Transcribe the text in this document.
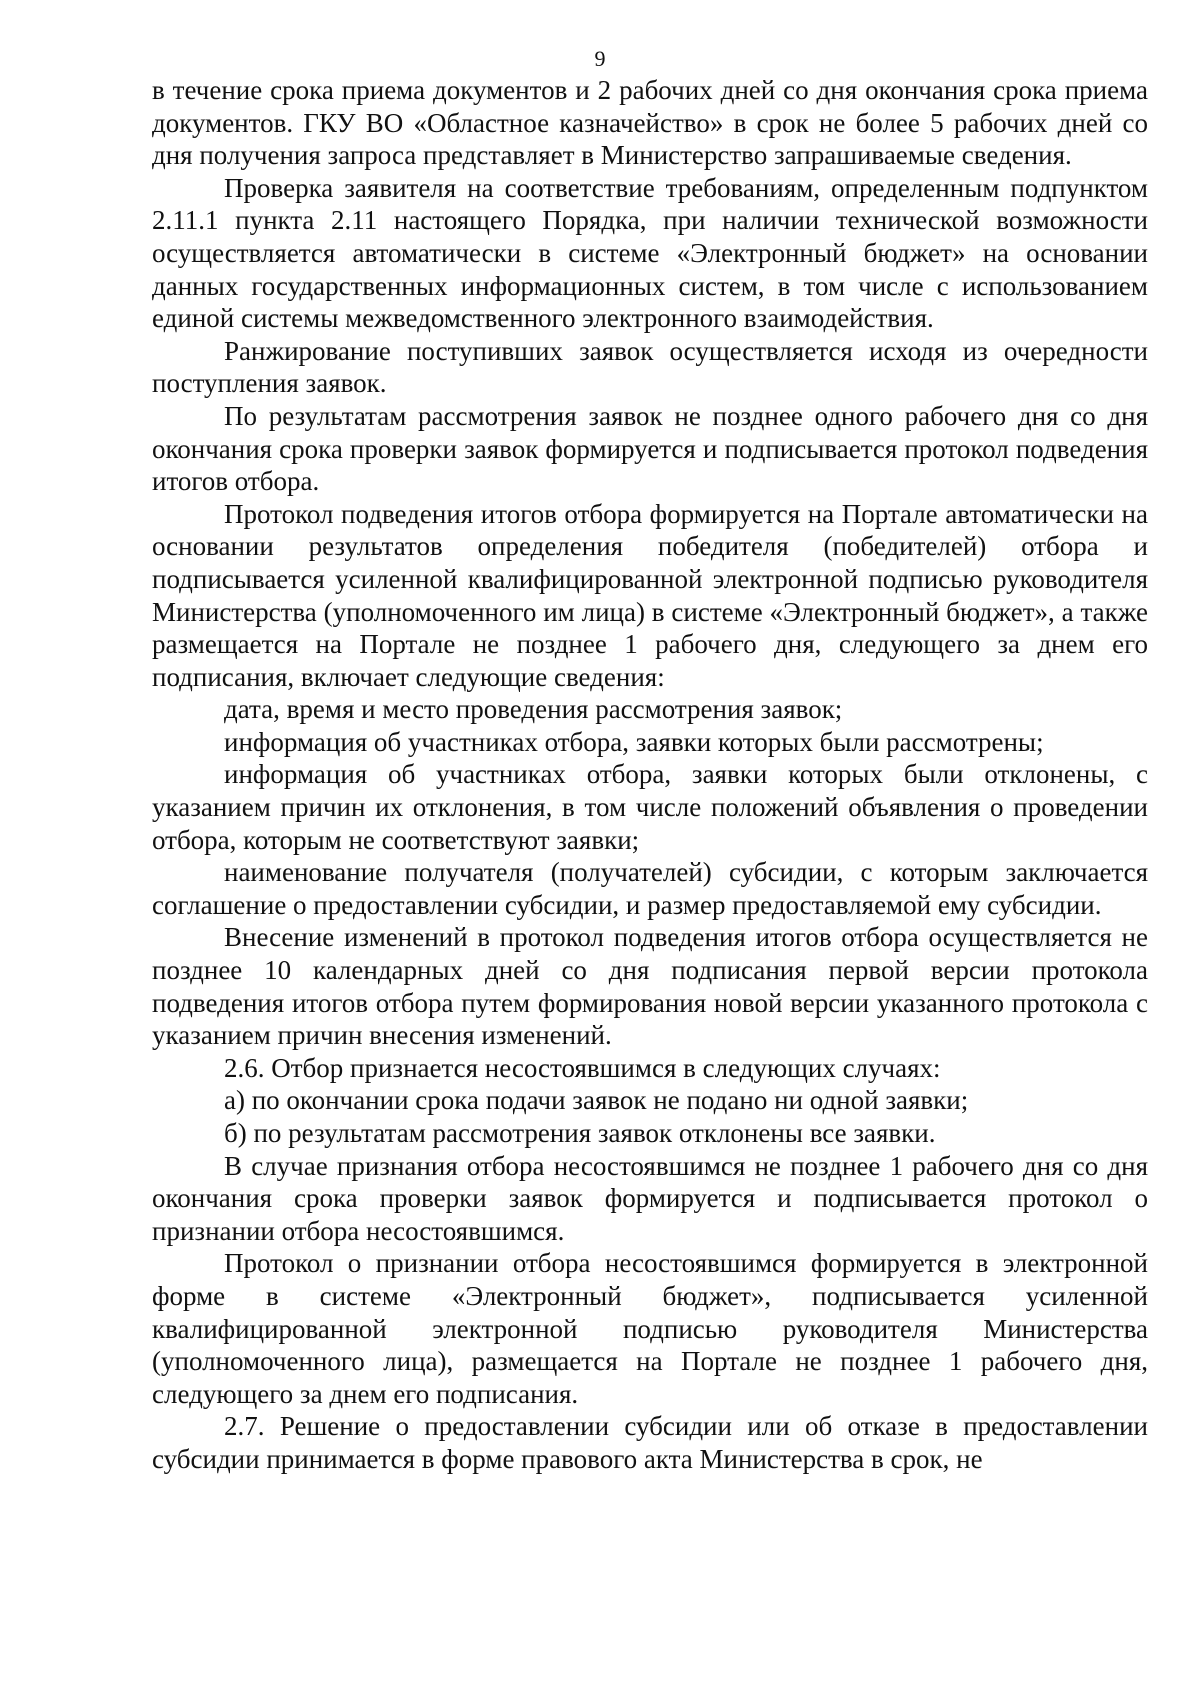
9

в течение срока приема документов и 2 рабочих дней со дня окончания срока приема документов. ГКУ ВО «Областное казначейство» в срок не более 5 рабочих дней со дня получения запроса представляет в Министерство запрашиваемые сведения.

Проверка заявителя на соответствие требованиям, определенным подпунктом 2.11.1 пункта 2.11 настоящего Порядка, при наличии технической возможности осуществляется автоматически в системе «Электронный бюджет» на основании данных государственных информационных систем, в том числе с использованием единой системы межведомственного электронного взаимодействия.

Ранжирование поступивших заявок осуществляется исходя из очередности поступления заявок.

По результатам рассмотрения заявок не позднее одного рабочего дня со дня окончания срока проверки заявок формируется и подписывается протокол подведения итогов отбора.

Протокол подведения итогов отбора формируется на Портале автоматически на основании результатов определения победителя (победителей) отбора и подписывается усиленной квалифицированной электронной подписью руководителя Министерства (уполномоченного им лица) в системе «Электронный бюджет», а также размещается на Портале не позднее 1 рабочего дня, следующего за днем его подписания, включает следующие сведения:

дата, время и место проведения рассмотрения заявок;

информация об участниках отбора, заявки которых были рассмотрены;

информация об участниках отбора, заявки которых были отклонены, с указанием причин их отклонения, в том числе положений объявления о проведении отбора, которым не соответствуют заявки;

наименование получателя (получателей) субсидии, с которым заключается соглашение о предоставлении субсидии, и размер предоставляемой ему субсидии.

Внесение изменений в протокол подведения итогов отбора осуществляется не позднее 10 календарных дней со дня подписания первой версии протокола подведения итогов отбора путем формирования новой версии указанного протокола с указанием причин внесения изменений.

2.6. Отбор признается несостоявшимся в следующих случаях:

а) по окончании срока подачи заявок не подано ни одной заявки;

б) по результатам рассмотрения заявок отклонены все заявки.

В случае признания отбора несостоявшимся не позднее 1 рабочего дня со дня окончания срока проверки заявок формируется и подписывается протокол о признании отбора несостоявшимся.

Протокол о признании отбора несостоявшимся формируется в электронной форме в системе «Электронный бюджет», подписывается усиленной квалифицированной электронной подписью руководителя Министерства (уполномоченного лица), размещается на Портале не позднее 1 рабочего дня, следующего за днем его подписания.

2.7. Решение о предоставлении субсидии или об отказе в предоставлении субсидии принимается в форме правового акта Министерства в срок, не
